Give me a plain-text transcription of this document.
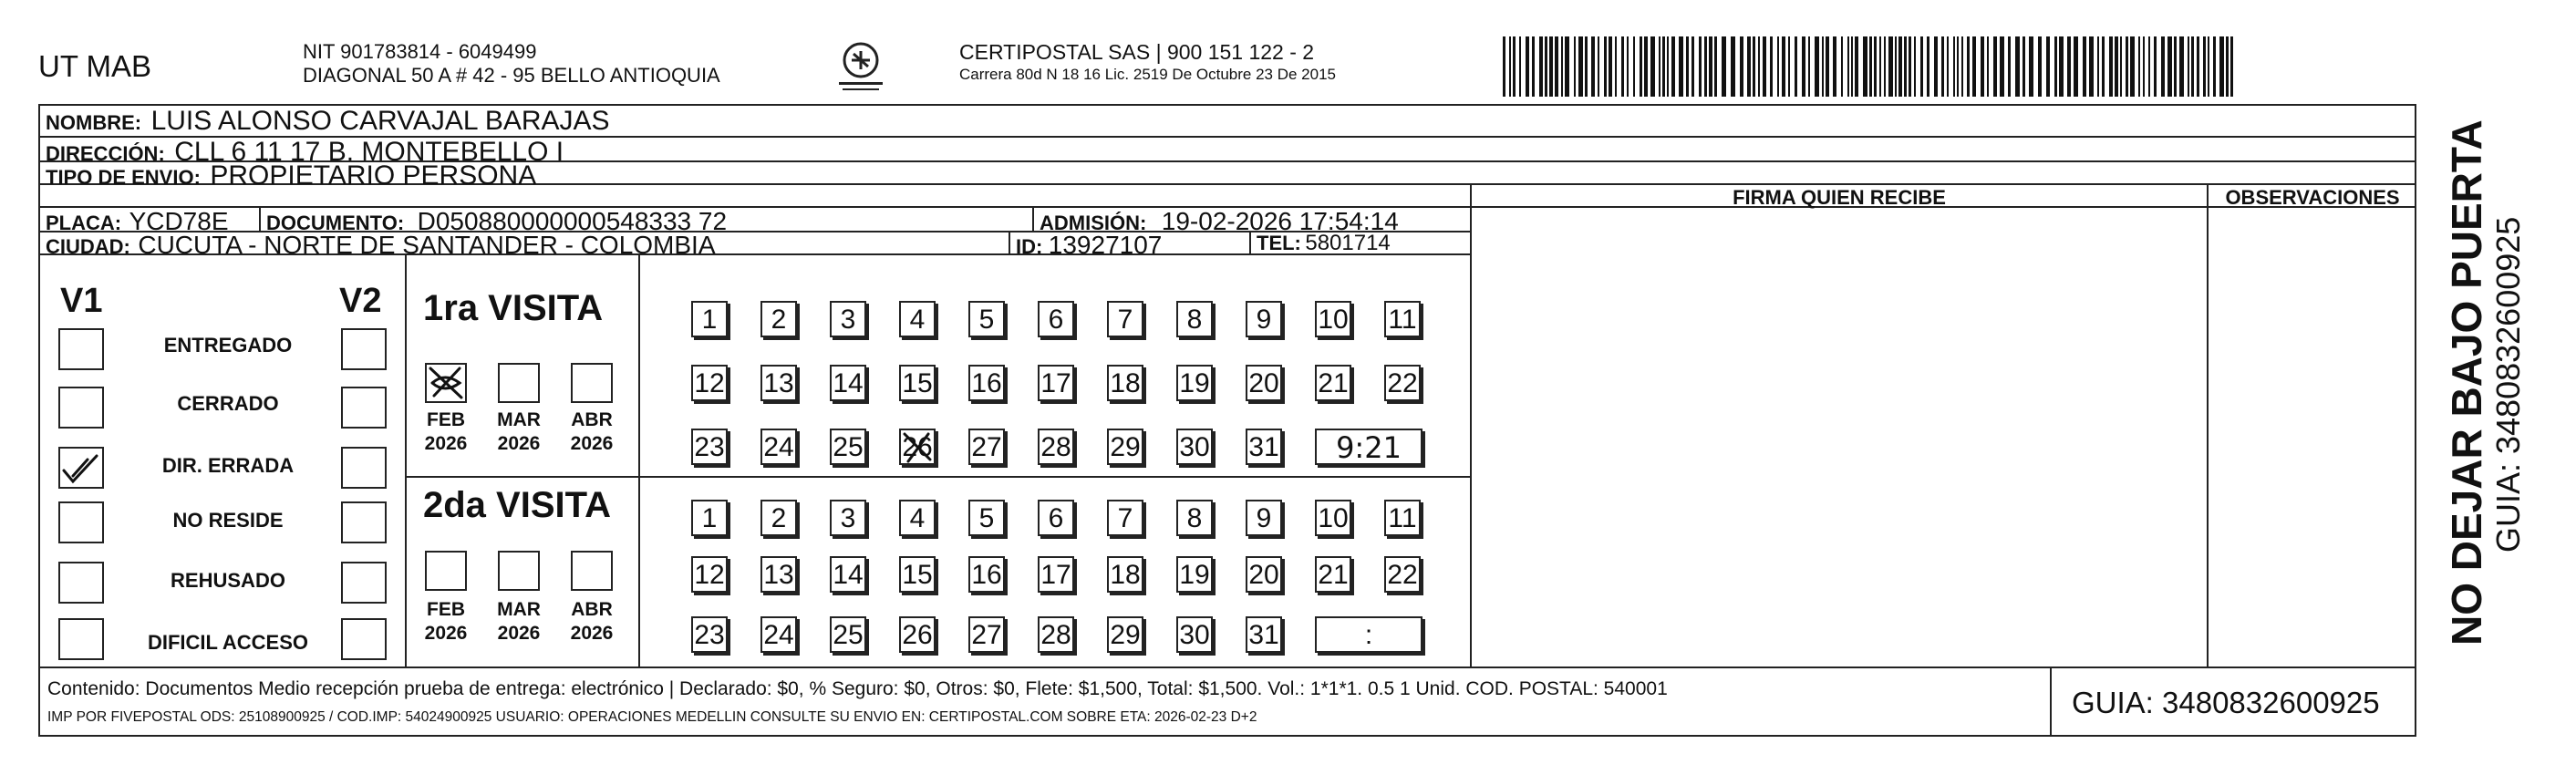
UT MAB	NIT 901783814 - 6049499
DIAGONAL 50 A # 42 - 95 BELLO ANTIOQUIA
CERTIPOSTAL SAS | 900 151 122 - 2
Carrera 80d N 18 16 Lic. 2519 De Octubre 23 De 2015
NOMBRE: LUIS ALONSO CARVAJAL BARAJAS
DIRECCIÓN: CLL 6 11 17 B. MONTEBELLO I
TIPO DE ENVIO: PROPIETARIO PERSONA
FIRMA QUIEN RECIBE	OBSERVACIONES
PLACA: YCD78E DOCUMENTO: D050880000000548333 72	ADMISIÓN: 19-02-2026 17:54:14
CIUDAD: CUCUTA - NORTE DE SANTANDER - COLOMBIA	ID: 13927107	TEL: 5801714
V1	V2
ENTREGADO
CERRADO
DIR. ERRADA
NO RESIDE
REHUSADO
DIFICIL ACCESO
1ra VISITA
FEB
2026
MAR
2026
ABR
2026
2da VISITA
FEB
2026
MAR
2026
ABR
2026
1	2	3	4	5	6	7	8	9	10 11
12 13 14 15 16 17 18 19 20 21 22
23 24 25 26 27 28 29 30 31	9:21
1	2	3	4	5	6	7	8	9	10 11
12 13 14 15 16 17 18 19 20 21 22
23 24 25 26 27 28 29 30 31	:
Contenido: Documentos Medio recepción prueba de entrega: electrónico | Declarado: $0, % Seguro: $0, Otros: $0, Flete: $1,500, Total: $1,500. Vol.: 1*1*1. 0.5 1 Unid. COD. POSTAL: 540001
IMP POR FIVEPOSTAL ODS: 25108900925 / COD.IMP: 54024900925 USUARIO: OPERACIONES MEDELLIN CONSULTE SU ENVIO EN: CERTIPOSTAL.COM SOBRE ETA: 2026-02-23 D+2	GUIA: 3480832600925
NO DEJAR BAJO PUERTA GUIA: 3480832600925
